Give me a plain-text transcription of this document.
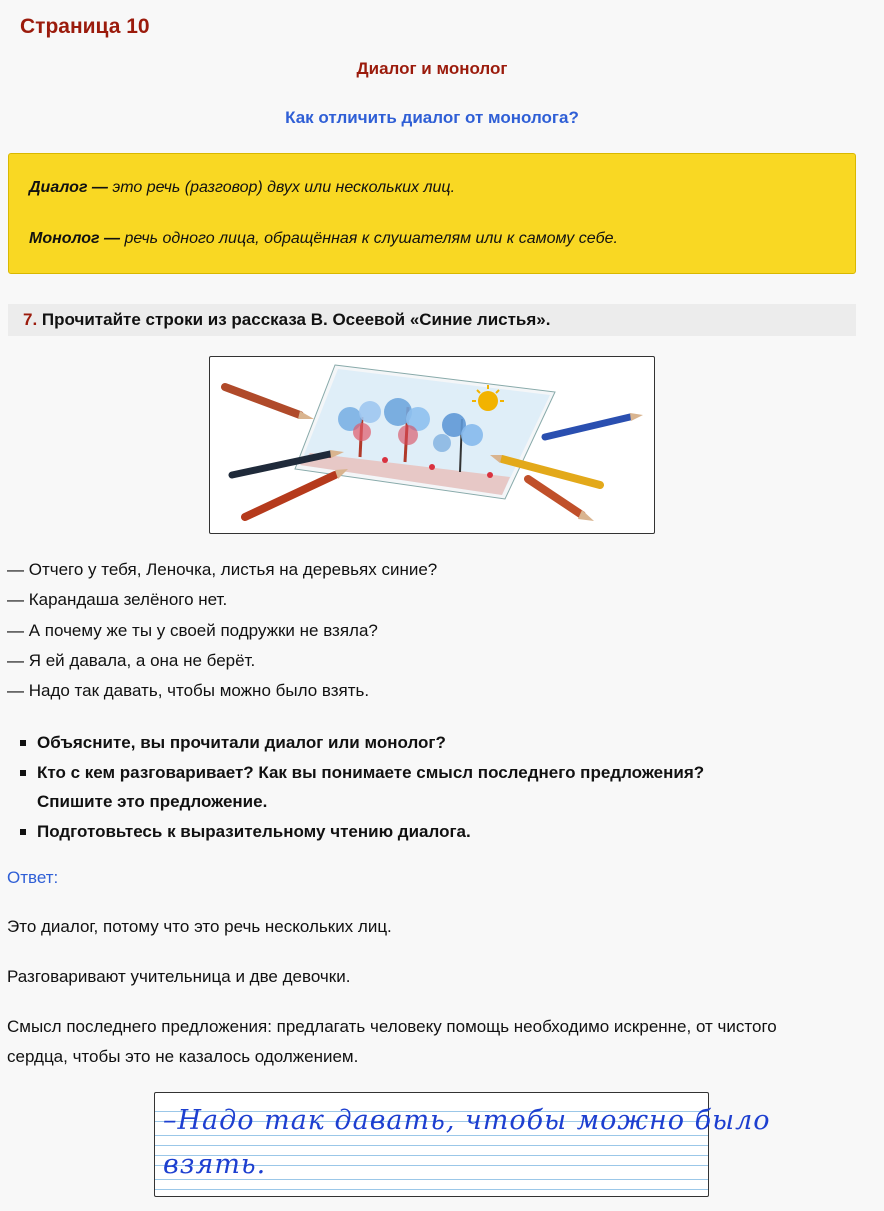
Страница 10
Диалог и монолог
Как отличить диалог от монолога?

Диалог — это речь (разговор) двух или нескольких лиц.

Монолог — речь одного лица, обращённая к слушателям или к самому себе.

7. Прочитайте строки из рассказа В. Осеевой «Синие листья».
— Отчего у тебя, Леночка, листья на деревьях синие?
— Карандаша зелёного нет.
— А почему же ты у своей подружки не взяла?
— Я ей давала, а она не берёт.
— Надо так давать, чтобы можно было взять.
Объясните, вы прочитали диалог или монолог?
Кто с кем разговаривает? Как вы понимаете смысл последнего предложения?
Спишите это предложение.
Подготовьтесь к выразительному чтению диалога.
Ответ:
Это диалог, потому что это речь нескольких лиц.
Разговаривают учительница и две девочки.
Смысл последнего предложения: предлагать человеку помощь необходимо искренне, от чистого сердца, чтобы это не казалось одолжением.
–Надо так давать, чтобы можно было
взять.
